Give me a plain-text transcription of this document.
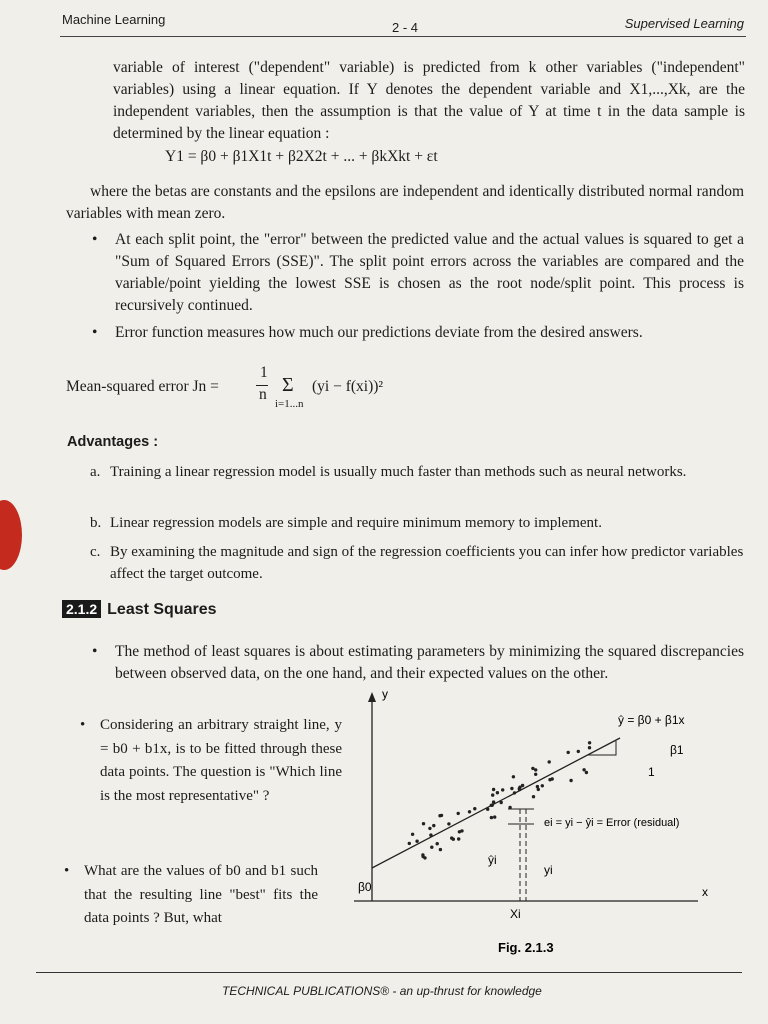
Machine Learning
2 - 4	Supervised Learning

variable of interest ("dependent" variable) is predicted from k other variables ("independent" variables) using a linear equation. If Y denotes the dependent variable and X1,...,Xk, are the independent variables, then the assumption is that the value of Y at time t in the data sample is determined by the linear equation :

Y1 = β0 + β1X1t + β2X2t + ... + βkXkt + εt

where the betas are constants and the epsilons are independent and identically distributed normal random variables with mean zero.

• At each split point, the "error" between the predicted value and the actual values is squared to get a "Sum of Squared Errors (SSE)". The split point errors across the variables are compared and the variable/point yielding the lowest SSE is chosen as the root node/split point. This process is recursively continued.

• Error function measures how much our predictions deviate from the desired answers.

Mean-squared error Jn =
1
n Σ (yi − f(xi))²
i=1...n
Advantages :
a. Training a linear regression model is usually much faster than methods such as neural networks.

b. Linear regression models are simple and require minimum memory to implement.

c. By examining the magnitude and sign of the regression coefficients you can infer how predictor variables affect the target outcome.

2.1.2 Least Squares
• The method of least squares is about estimating parameters by minimizing the squared discrepancies between observed data, on the one hand, and their expected values on the other.

• Considering an arbitrary straight line, y = b0 + b1x, is to be fitted through these data points. The question is "Which line is the most representative" ?

• What are the values of b0 and b1 such that the resulting line "best" fits the data points ? But, what

y
x
ŷ = β0 + β1x
β1
1
β0
ei = yi − ŷi = Error (residual)
ŷi
yi
Xi
Fig. 2.1.3
TECHNICAL PUBLICATIONS® - an up-thrust for knowledge
